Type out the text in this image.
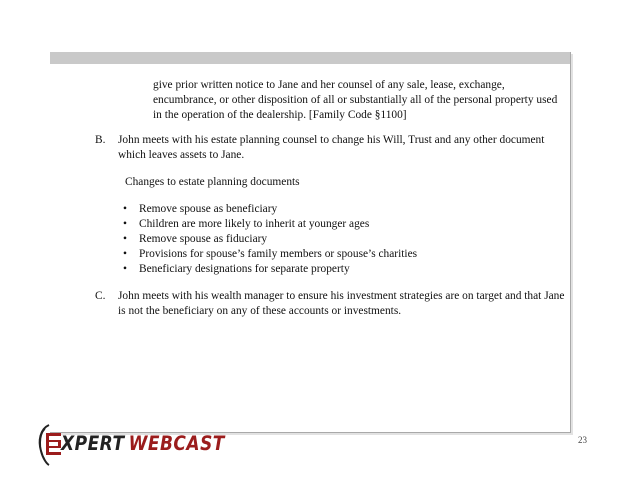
give prior written notice to Jane and her counsel of any sale, lease, exchange, encumbrance, or other disposition of all or substantially all of the personal property used in the operation of the dealership. [Family Code §1100]

B.	John meets with his estate planning counsel to change his Will, Trust and any other document which leaves assets to Jane.

Changes to estate planning documents

•	Remove spouse as beneficiary
•	Children are more likely to inherit at younger ages
•	Remove spouse as fiduciary
•	Provisions for spouse’s family members or spouse’s charities
•	Beneficiary designations for separate property
C.	John meets with his wealth manager to ensure his investment strategies are on target and that Jane is not the beneficiary on any of these accounts or investments.
XPERT WEBCAST	23
